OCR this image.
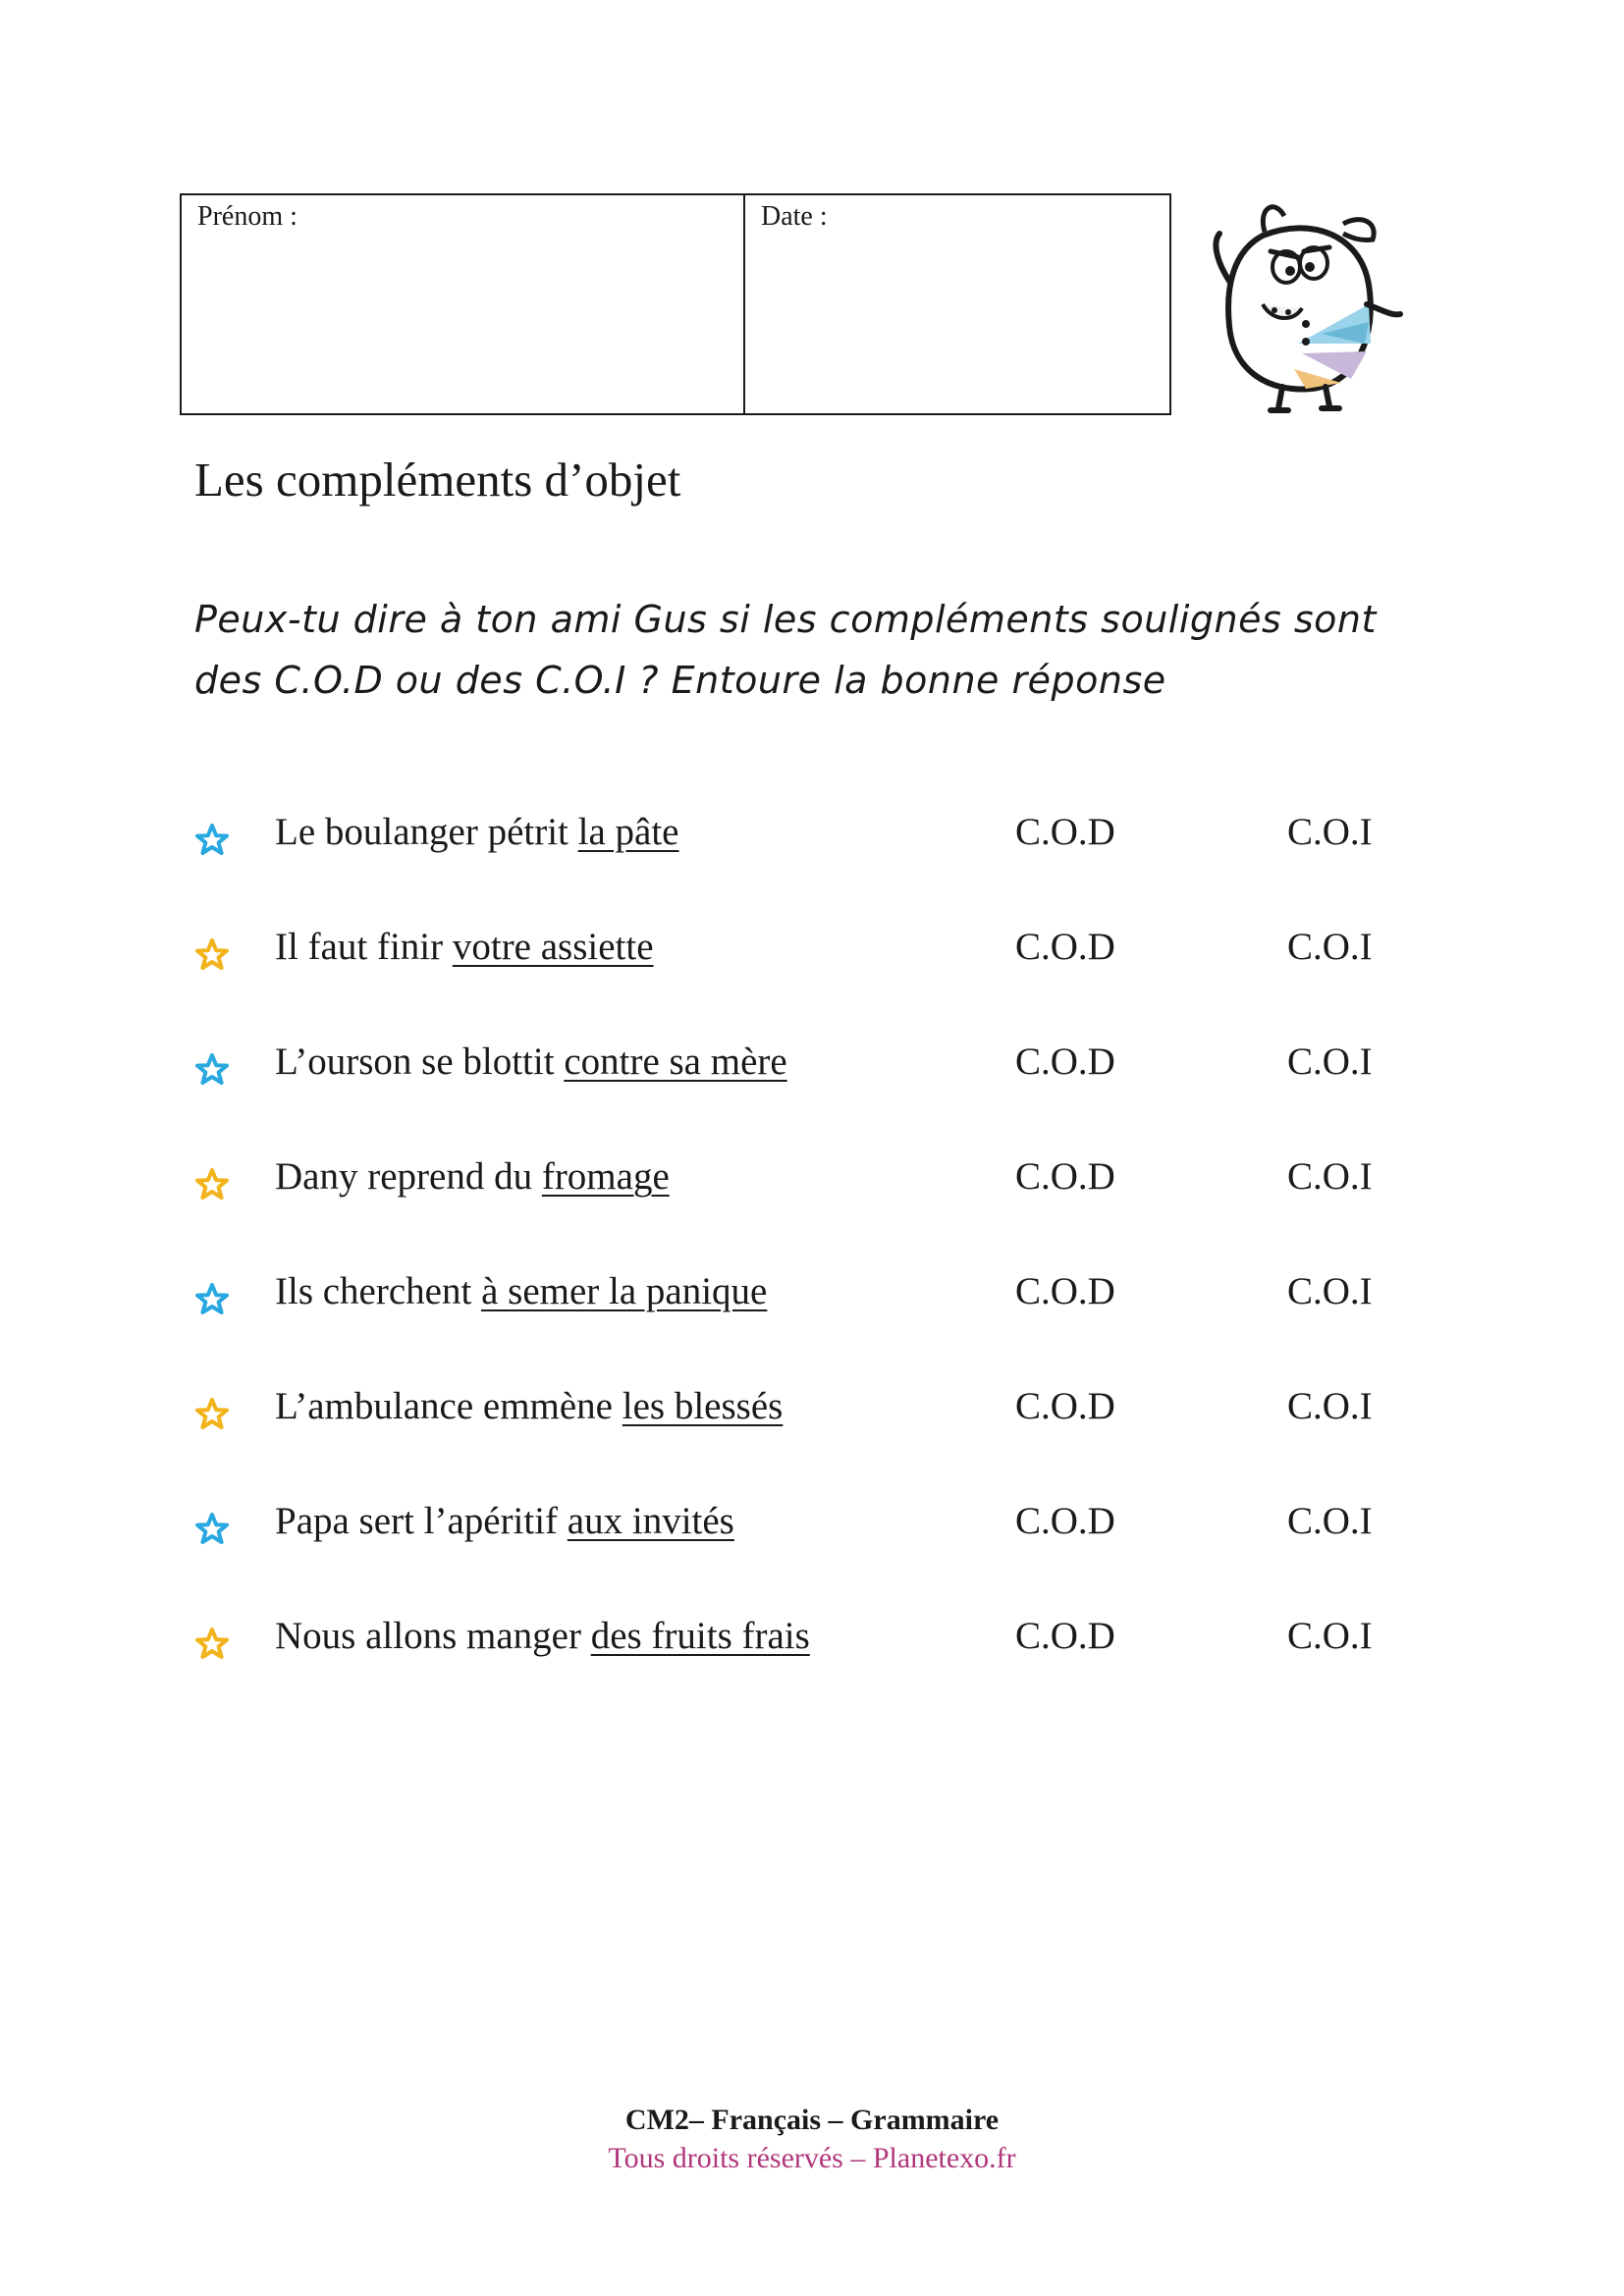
Prénom :	Date :
Les compléments d’objet
Peux-tu dire à ton ami Gus si les compléments soulignés sont des C.O.D ou des C.O.I ? Entoure la bonne réponse
Le boulanger pétrit la pâte	C.O.D	C.O.I
Il faut finir votre assiette	C.O.D	C.O.I
L’ourson se blottit contre sa mère	C.O.D	C.O.I
Dany reprend du fromage	C.O.D	C.O.I
Ils cherchent à semer la panique	C.O.D	C.O.I
L’ambulance emmène les blessés	C.O.D	C.O.I
Papa sert l’apéritif aux invités	C.O.D	C.O.I
Nous allons manger des fruits frais	C.O.D	C.O.I
CM2– Français – Grammaire
Tous droits réservés – Planetexo.fr
